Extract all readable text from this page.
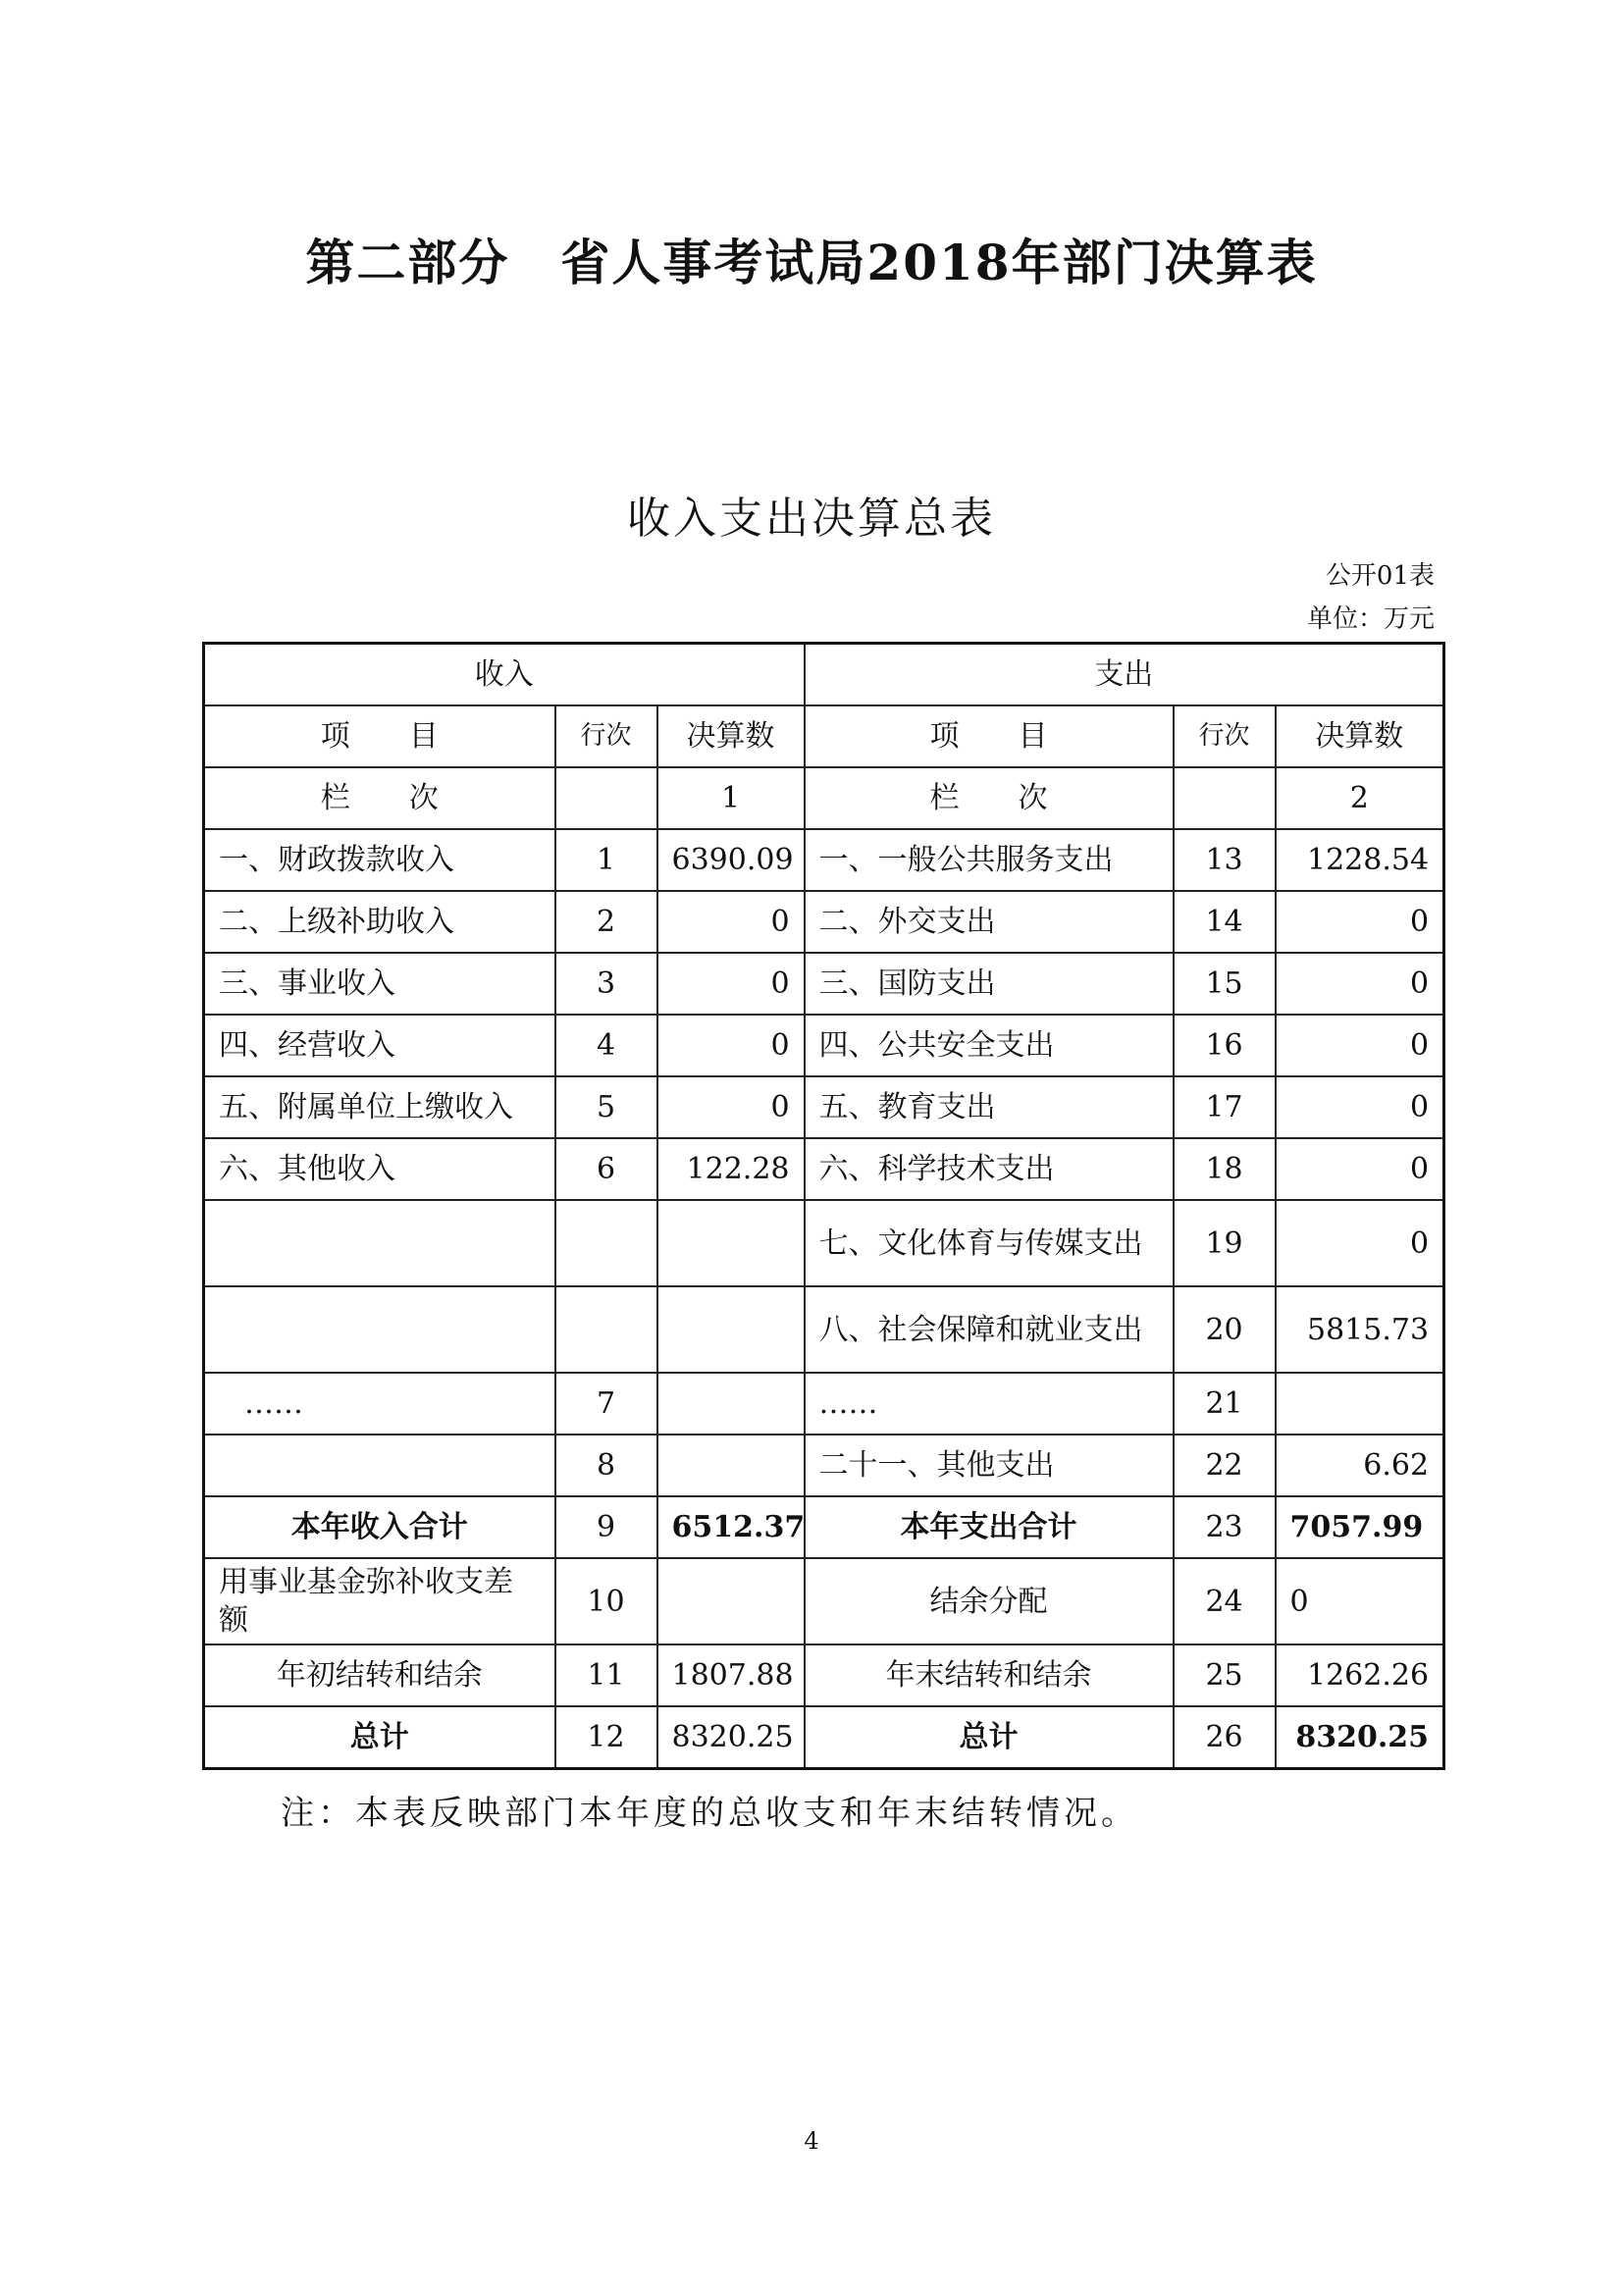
第二部分　省人事考试局2018年部门决算表
收入支出决算总表
公开01表
单位：万元
收入			支出		
项　　目	行次	决算数	项　　目	行次	决算数
栏　　次		1	栏　　次		2
一、财政拨款收入	1	6390.09	一、一般公共服务支出	13	1228.54
二、上级补助收入	2	0	二、外交支出	14	0
三、事业收入	3	0	三、国防支出	15	0
四、经营收入	4	0	四、公共安全支出	16	0
五、附属单位上缴收入	5	0	五、教育支出	17	0
六、其他收入	6	122.28	六、科学技术支出	18	0
			七、文化体育与传媒支出	19	0
			八、社会保障和就业支出	20	5815.73
……	7		……	21	
	8		二十一、其他支出	22	6.62
本年收入合计	9	6512.37	本年支出合计	23	7057.99
用事业基金弥补收支差额	10		结余分配	24	0
年初结转和结余	11	1807.88	年末结转和结余	25	1262.26
总计	12	8320.25	总计	26	8320.25
注：本表反映部门本年度的总收支和年末结转情况。
4
